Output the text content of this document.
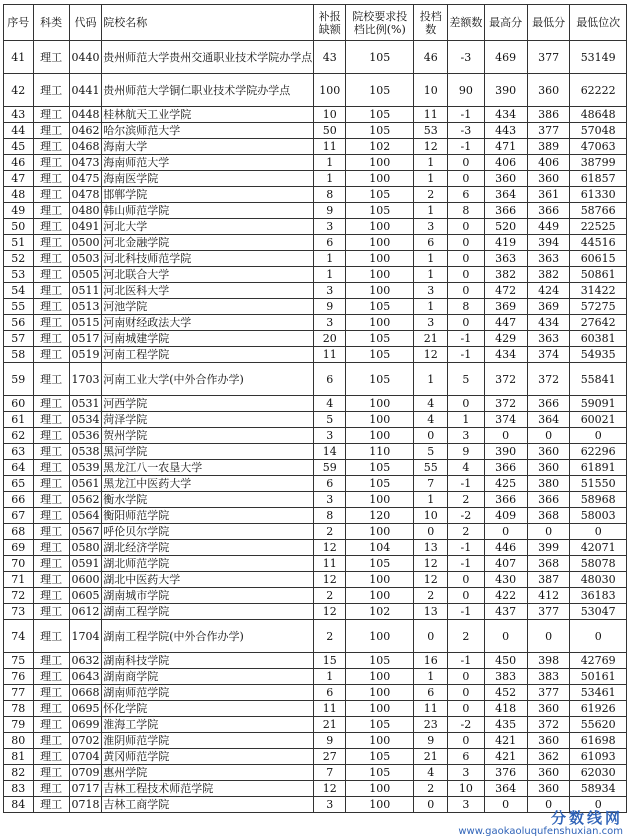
序号	科类	代码	院校名称	补报缺额	院校要求投档比例(%)	投档数	差额数	最高分	最低分	最低位次
41	理工	0440	贵州师范大学贵州交通职业技术学院办学点	43	105	46	-3	469	377	53149
42	理工	0441	贵州师范大学铜仁职业技术学院办学点	100	105	10	90	390	360	62222
43	理工	0448	桂林航天工业学院	10	105	11	-1	434	386	48648
44	理工	0462	哈尔滨师范大学	50	105	53	-3	443	377	57048
45	理工	0468	海南大学	11	102	12	-1	471	389	47063
46	理工	0473	海南师范大学	1	100	1	0	406	406	38799
47	理工	0475	海南医学院	1	100	1	0	360	360	61857
48	理工	0478	邯郸学院	8	105	2	6	364	361	61330
49	理工	0480	韩山师范学院	9	105	1	8	366	366	58766
50	理工	0491	河北大学	3	100	3	0	520	449	22525
51	理工	0500	河北金融学院	6	100	6	0	419	394	44516
52	理工	0503	河北科技师范学院	1	100	1	0	363	363	60615
53	理工	0505	河北联合大学	1	100	1	0	382	382	50861
54	理工	0511	河北医科大学	3	100	3	0	472	424	31422
55	理工	0513	河池学院	9	105	1	8	369	369	57275
56	理工	0515	河南财经政法大学	3	100	3	0	447	434	27642
57	理工	0517	河南城建学院	20	105	21	-1	429	363	60381
58	理工	0519	河南工程学院	11	105	12	-1	434	374	54935
59	理工	1703	河南工业大学(中外合作办学)	6	105	1	5	372	372	55841
60	理工	0531	河西学院	4	100	4	0	372	366	59091
61	理工	0534	菏泽学院	5	100	4	1	374	364	60021
62	理工	0536	贺州学院	3	100	0	3	0	0	0
63	理工	0538	黑河学院	14	110	5	9	390	360	62296
64	理工	0539	黑龙江八一农垦大学	59	105	55	4	366	360	61891
65	理工	0561	黑龙江中医药大学	6	105	7	-1	425	380	51550
66	理工	0562	衡水学院	3	100	1	2	366	366	58968
67	理工	0564	衡阳师范学院	8	120	10	-2	409	368	58003
68	理工	0567	呼伦贝尔学院	2	100	0	2	0	0	0
69	理工	0580	湖北经济学院	12	104	13	-1	446	399	42071
70	理工	0591	湖北师范学院	11	105	12	-1	407	368	58078
71	理工	0600	湖北中医药大学	12	100	12	0	430	387	48030
72	理工	0605	湖南城市学院	2	100	2	0	422	412	36183
73	理工	0612	湖南工程学院	12	102	13	-1	437	377	53047
74	理工	1704	湖南工程学院(中外合作办学)	2	100	0	2	0	0	0
75	理工	0632	湖南科技学院	15	105	16	-1	450	398	42769
76	理工	0643	湖南商学院	1	100	1	0	383	383	50161
77	理工	0668	湖南师范学院	6	100	6	0	452	377	53461
78	理工	0695	怀化学院	11	100	11	0	418	360	61926
79	理工	0699	淮海工学院	21	105	23	-2	435	372	55620
80	理工	0702	淮阴师范学院	9	100	9	0	421	360	61698
81	理工	0704	黄冈师范学院	27	105	21	6	421	362	61093
82	理工	0709	惠州学院	7	105	4	3	376	360	62030
83	理工	0717	吉林工程技术师范学院	12	100	2	10	364	360	58934
84	理工	0718	吉林工商学院	3	100	0	3	0	0	0
分数线网
www.gaokaoluqufenshuxian.com
